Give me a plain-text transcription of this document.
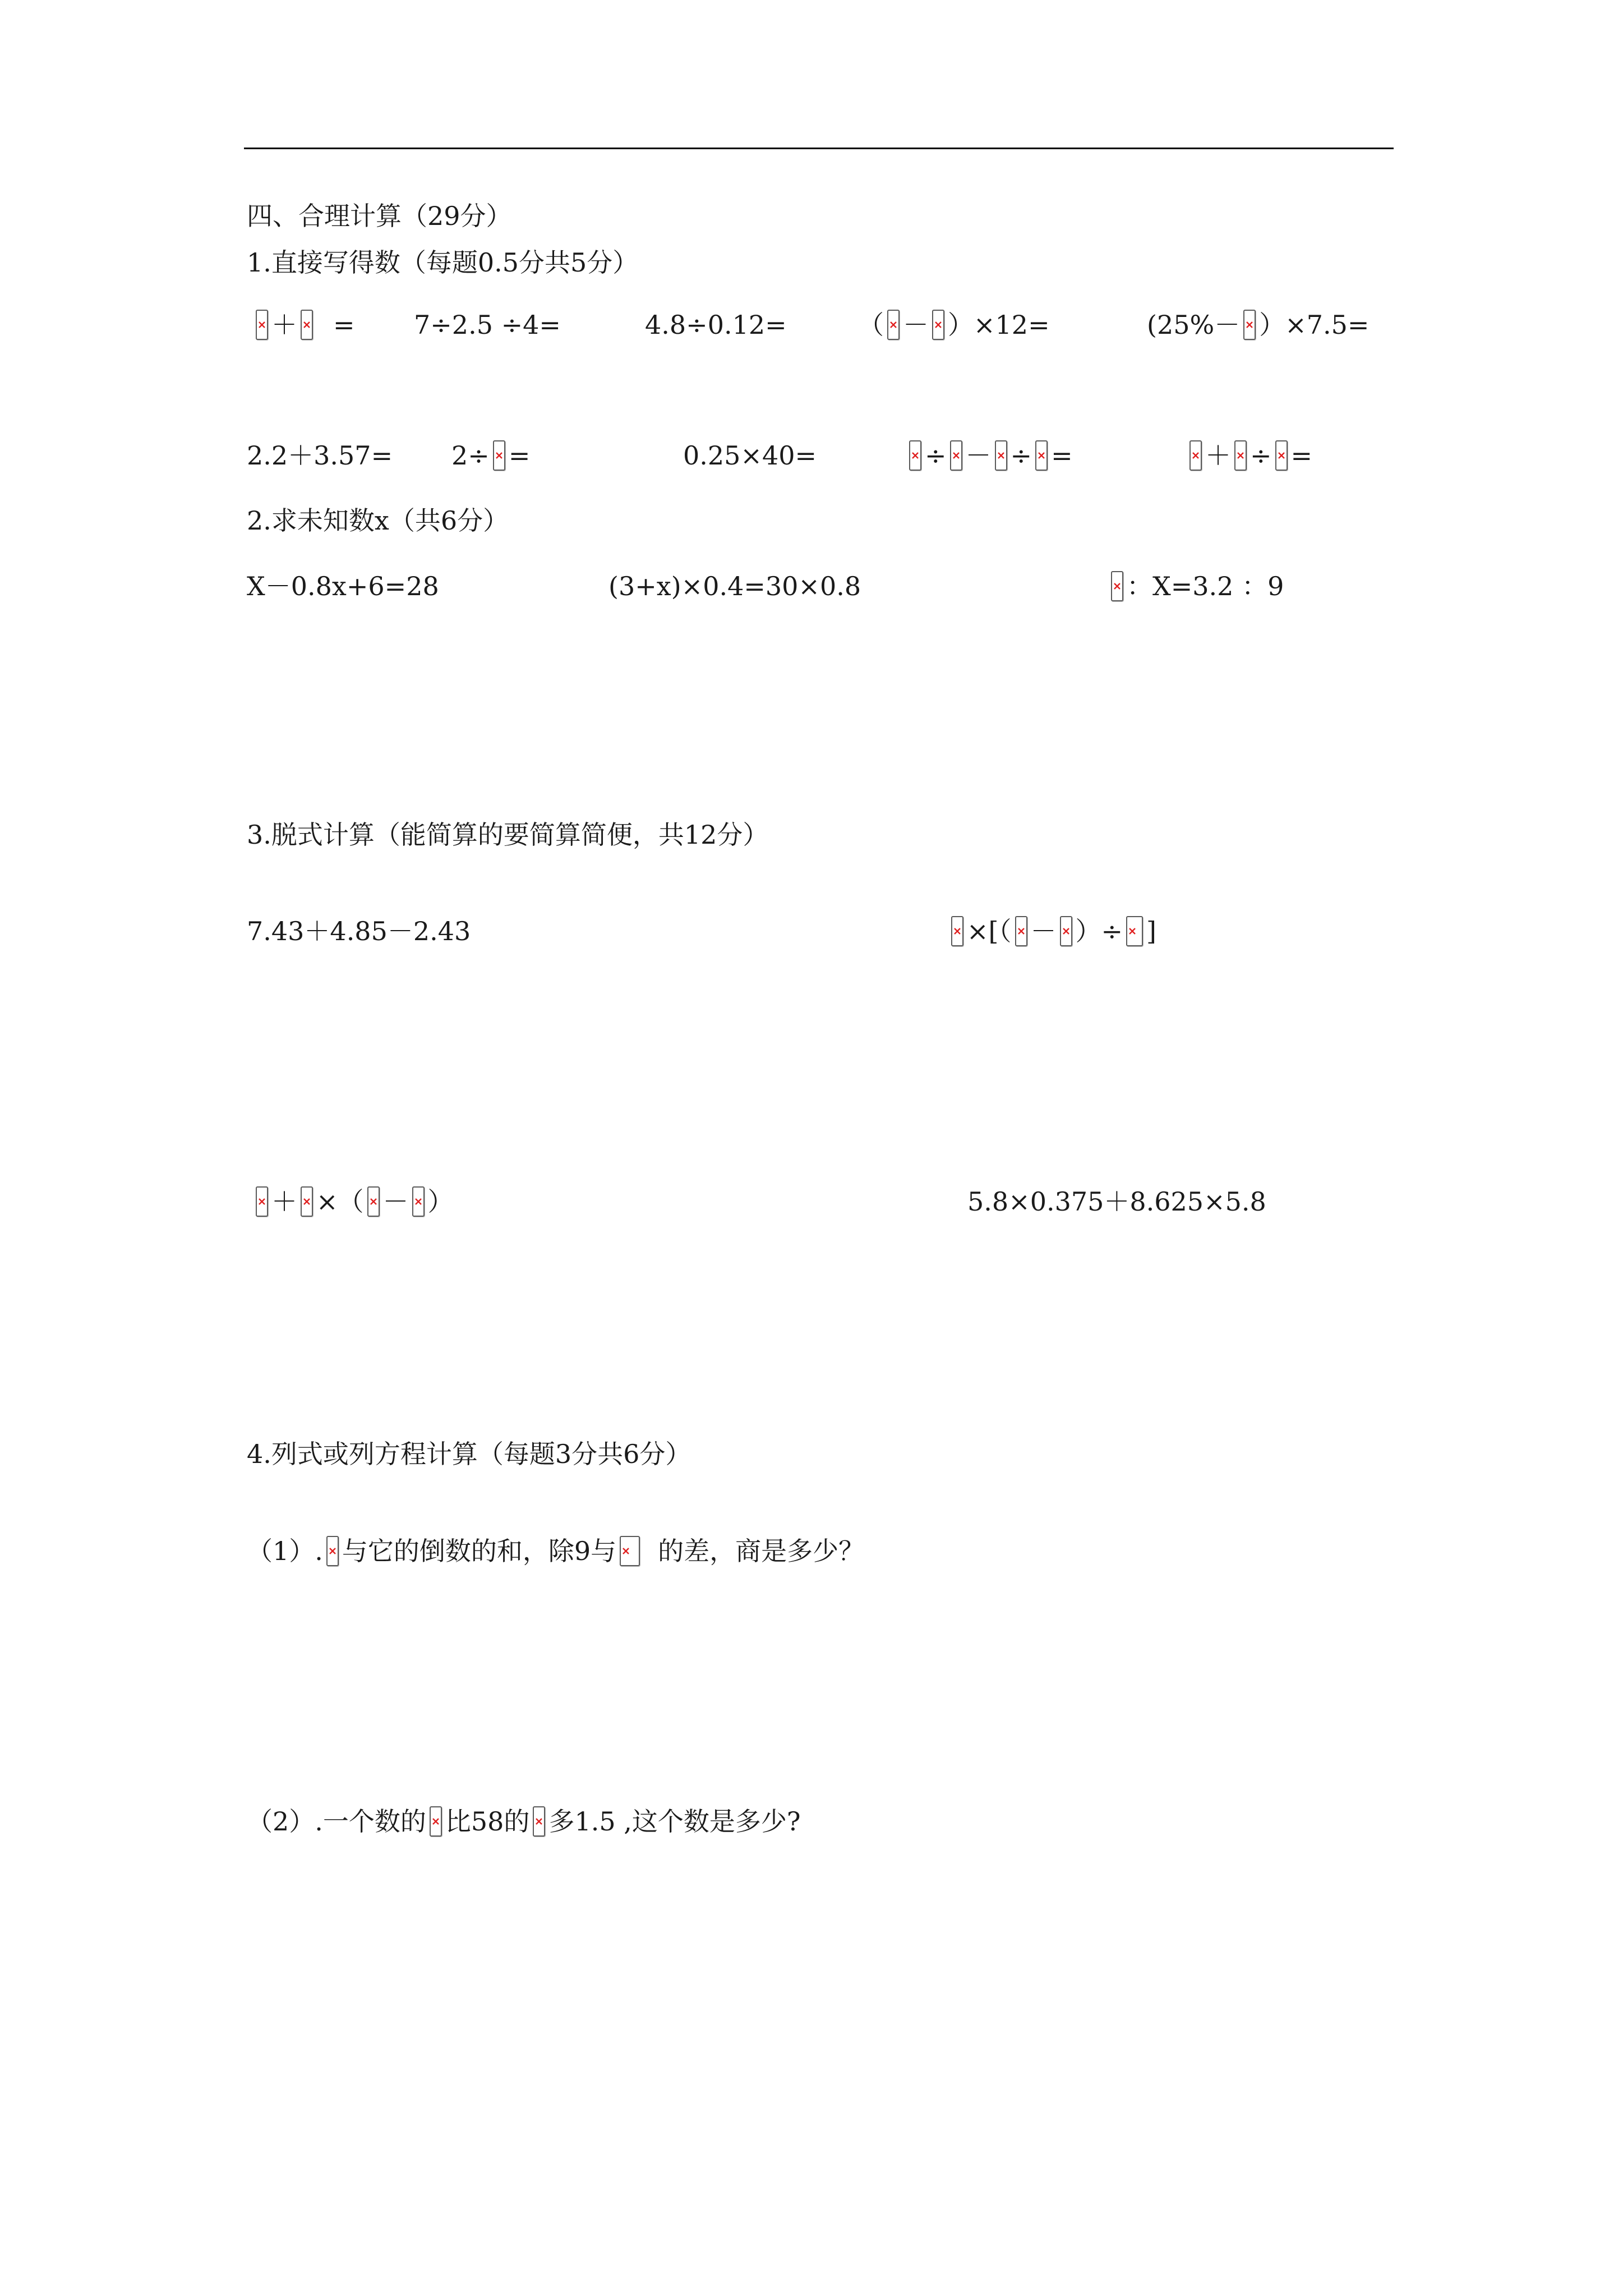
四、合理计算（29分）
1.直接写得数（每题0.5分共5分）
＋ = 7÷2.5 ÷4=	4.8÷0.12=	（ － ）×12=	(25%－ ）×7.5=
2.2＋3.57= 2÷ =	0.25×40=	÷ － ÷ =	＋ ÷ =
2.求未知数x（共6分）
X－0.8x+6=28	(3+x)×0.4=30×0.8	：X=3.2 ：9
3.脱式计算（能简算的要简算简便，共12分）
7.43＋4.85－2.43	×[（ － ）÷ ]
＋ ×（ － ）	5.8×0.375＋8.625×5.8
4.列式或列方程计算（每题3分共6分）
（1）. 与它的倒数的和，除9与 的差，商是多少？
（2）.一个数的 比58的 多1.5 ,这个数是多少?
